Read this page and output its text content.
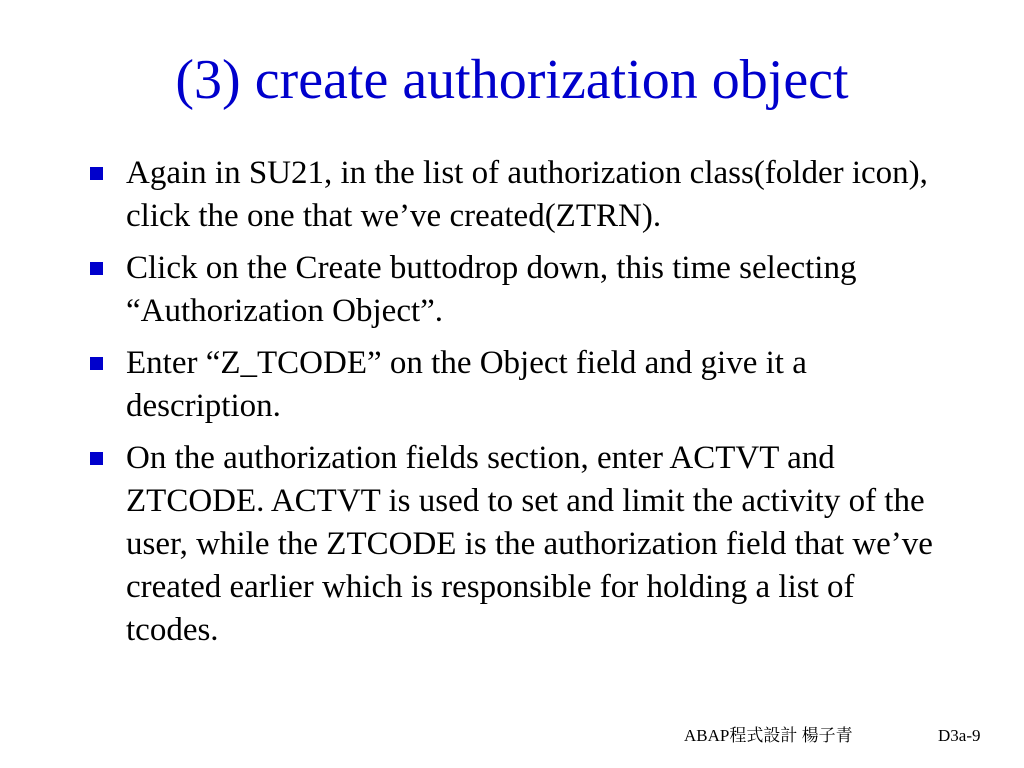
(3) create authorization object
Again in SU21, in the list of authorization class(folder icon), click the one that we’ve created(ZTRN).
Click on the Create buttodrop down, this time selecting “Authorization Object”.
Enter “Z_TCODE” on the Object field and give it a description.
On the authorization fields section, enter ACTVT and ZTCODE. ACTVT is used to set and limit the activity of the user, while the ZTCODE is the authorization field that we’ve created earlier which is responsible for holding a list of tcodes.
ABAP程式設計 楊子青	D3a-9
